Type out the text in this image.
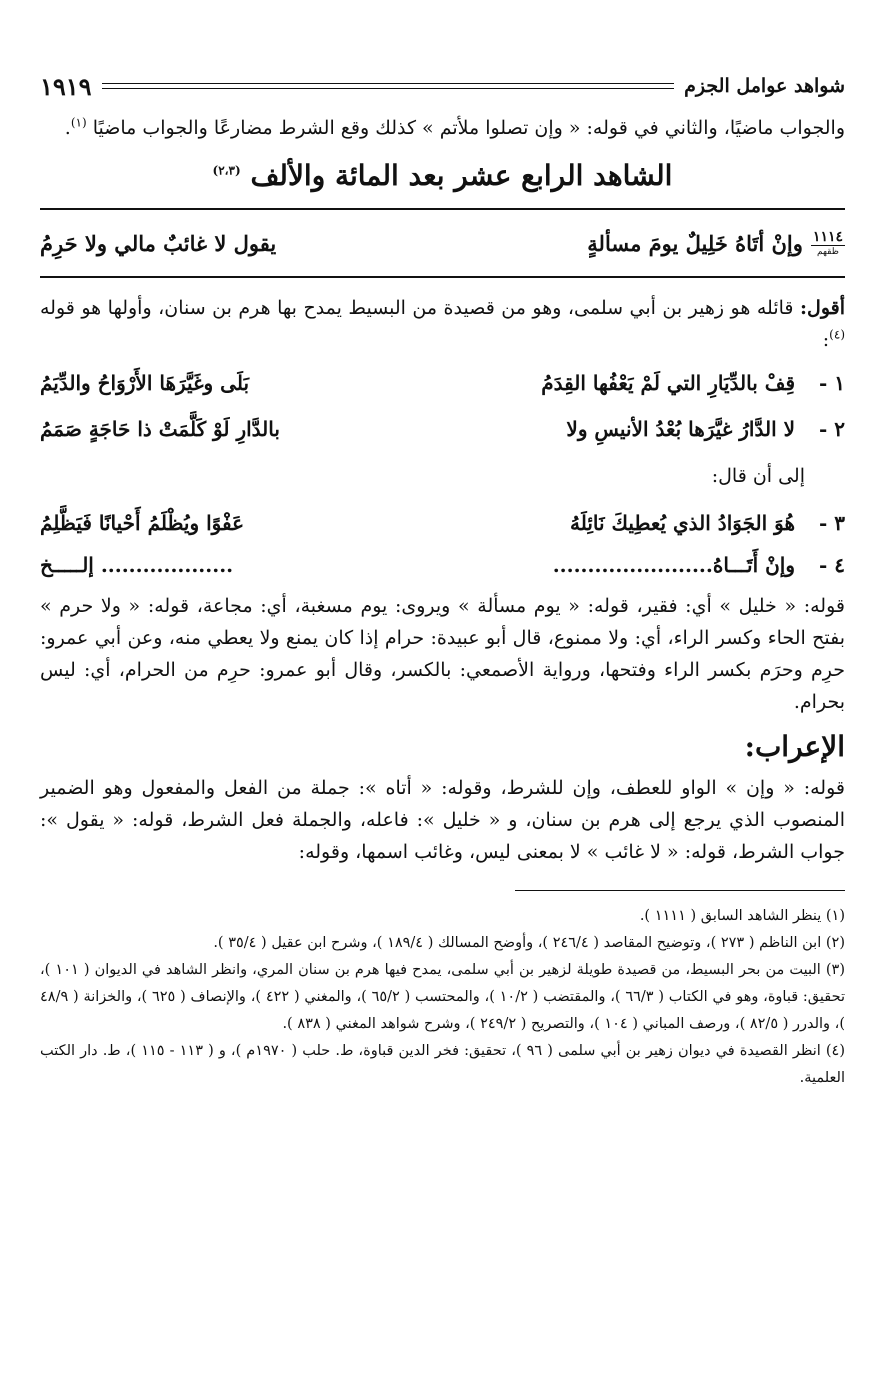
شواهد عوامل الجزم
١٩١٩

والجواب ماضيًا، والثاني في قوله: « وإن تصلوا ملأتم » كذلك وقع الشرط مضارعًا والجواب ماضيًا $^{(١)}$.

الشاهد الرابع عشر بعد المائة والألف $^{(٢،٣)}$
١١١٤
ظقهم
وإنْ أتَاهُ خَلِيلٌ يومَ مسألةٍ
يقول لا غائبٌ مالي ولا حَرِمُ

أقول: قائله هو زهير بن أبي سلمى، وهو من قصيدة من البسيط يمدح بها هرم بن سنان، وأولها هو قوله $^{(٤)}$:

١ -
قِفْ بالدِّيَارِ التي لَمْ يَعْفُها القِدَمُ
بَلَى وغَيَّرَهَا الأَرْوَاحُ والدِّيَمُ
٢ -
لا الدَّارُ غيَّرَها بُعْدُ الأنيسِ ولا
بالدَّارِ لَوْ كَلَّمَتْ ذا حَاجَةٍ صَمَمُ
إلى أن قال:
٣ -
هُوَ الجَوَادُ الذي يُعطِيكَ نَائِلَهُ
عَفْوًا ويُظْلَمُ أَحْيانًا فَيَظَّلِمُ
٤ -
وإنْ أَتَـــاهُ.......................
................... إلـــــخ

قوله: « خليل » أي: فقير، قوله: « يوم مسألة » ويروى: يوم مسغبة، أي: مجاعة، قوله: « ولا حرم » بفتح الحاء وكسر الراء، أي: ولا ممنوع، قال أبو عبيدة: حرام إذا كان يمنع ولا يعطي منه، وعن أبي عمرو: حرِم وحرَم بكسر الراء وفتحها، ورواية الأصمعي: بالكسر، وقال أبو عمرو: حرِم من الحرام، أي: ليس بحرام.

الإعراب:

قوله: « وإن » الواو للعطف، وإن للشرط، وقوله: « أتاه »: جملة من الفعل والمفعول وهو الضمير المنصوب الذي يرجع إلى هرم بن سنان، و « خليل »: فاعله، والجملة فعل الشرط، قوله: « يقول »: جواب الشرط، قوله: « لا غائب » لا بمعنى ليس، وغائب اسمها، وقوله:

(١) ينظر الشاهد السابق ( ١١١١ ).

(٢) ابن الناظم ( ٢٧٣ )، وتوضيح المقاصد ( ٢٤٦/٤ )، وأوضح المسالك ( ١٨٩/٤ )، وشرح ابن عقيل ( ٣٥/٤ ).

(٣) البيت من بحر البسيط، من قصيدة طويلة لزهير بن أبي سلمى، يمدح فيها هرم بن سنان المري، وانظر الشاهد في الديوان ( ١٠١ )، تحقيق: قباوة، وهو في الكتاب ( ٦٦/٣ )، والمقتضب ( ١٠/٢ )، والمحتسب ( ٦٥/٢ )، والمغني ( ٤٢٢ )، والإنصاف ( ٦٢٥ )، والخزانة ( ٤٨/٩ )، والدرر ( ٨٢/٥ )، ورصف المباني ( ١٠٤ )، والتصريح ( ٢٤٩/٢ )، وشرح شواهد المغني ( ٨٣٨ ).

(٤) انظر القصيدة في ديوان زهير بن أبي سلمى ( ٩٦ )، تحقيق: فخر الدين قباوة، ط. حلب ( ١٩٧٠م )، و ( ١١٣ - ١١٥ )، ط. دار الكتب العلمية.
